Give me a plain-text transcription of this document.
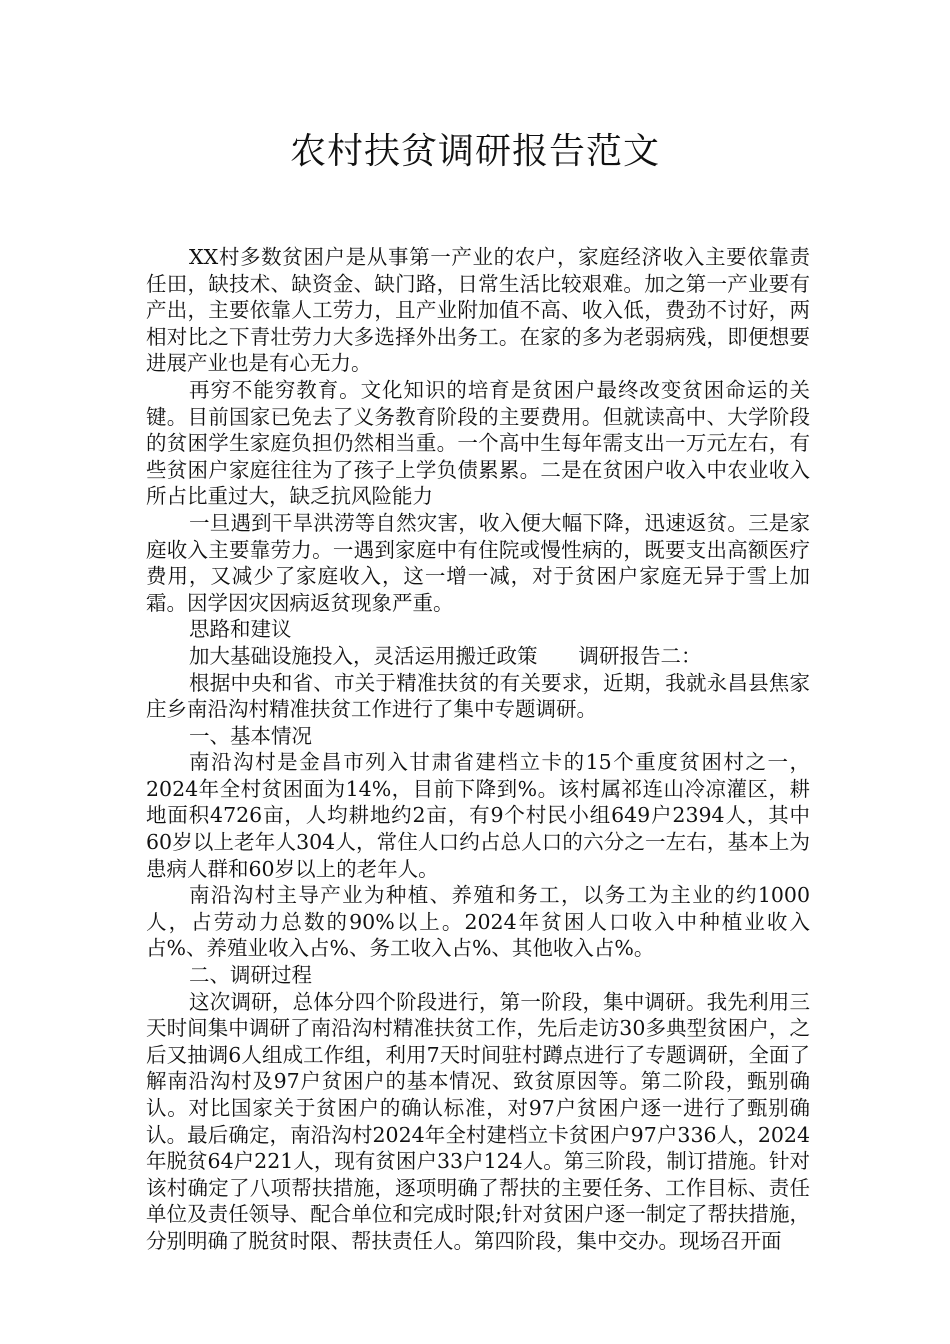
农村扶贫调研报告范文

XX村多数贫困户是从事第一产业的农户，家庭经济收入主要依靠责任田，缺技术、缺资金、缺门路，日常生活比较艰难。加之第一产业要有产出，主要依靠人工劳力，且产业附加值不高、收入低，费劲不讨好，两相对比之下青壮劳力大多选择外出务工。在家的多为老弱病残，即便想要进展产业也是有心无力。

再穷不能穷教育。文化知识的培育是贫困户最终改变贫困命运的关键。目前国家已免去了义务教育阶段的主要费用。但就读高中、大学阶段的贫困学生家庭负担仍然相当重。一个高中生每年需支出一万元左右，有些贫困户家庭往往为了孩子上学负债累累。二是在贫困户收入中农业收入所占比重过大，缺乏抗风险能力

一旦遇到干旱洪涝等自然灾害，收入便大幅下降，迅速返贫。三是家庭收入主要靠劳力。一遇到家庭中有住院或慢性病的，既要支出高额医疗费用，又减少了家庭收入，这一增一减，对于贫困户家庭无异于雪上加霜。因学因灾因病返贫现象严重。

思路和建议

加大基础设施投入，灵活运用搬迁政策　　调研报告二：

根据中央和省、市关于精准扶贫的有关要求，近期，我就永昌县焦家庄乡南沿沟村精准扶贫工作进行了集中专题调研。

一、基本情况

南沿沟村是金昌市列入甘肃省建档立卡的15个重度贫困村之一，2024年全村贫困面为14%，目前下降到%。该村属祁连山冷凉灌区，耕地面积4726亩，人均耕地约2亩，有9个村民小组649户2394人，其中60岁以上老年人304人，常住人口约占总人口的六分之一左右，基本上为患病人群和60岁以上的老年人。

南沿沟村主导产业为种植、养殖和务工，以务工为主业的约1000人，占劳动力总数的90%以上。2024年贫困人口收入中种植业收入占%、养殖业收入占%、务工收入占%、其他收入占%。

二、调研过程

这次调研，总体分四个阶段进行，第一阶段，集中调研。我先利用三天时间集中调研了南沿沟村精准扶贫工作，先后走访30多典型贫困户，之后又抽调6人组成工作组，利用7天时间驻村蹲点进行了专题调研，全面了解南沿沟村及97户贫困户的基本情况、致贫原因等。第二阶段，甄别确认。对比国家关于贫困户的确认标准，对97户贫困户逐一进行了甄别确认。最后确定，南沿沟村2024年全村建档立卡贫困户97户336人，2024年脱贫64户221人，现有贫困户33户124人。第三阶段，制订措施。针对该村确定了八项帮扶措施，逐项明确了帮扶的主要任务、工作目标、责任单位及责任领导、配合单位和完成时限;针对贫困户逐一制定了帮扶措施，分别明确了脱贫时限、帮扶责任人。第四阶段，集中交办。现场召开面
